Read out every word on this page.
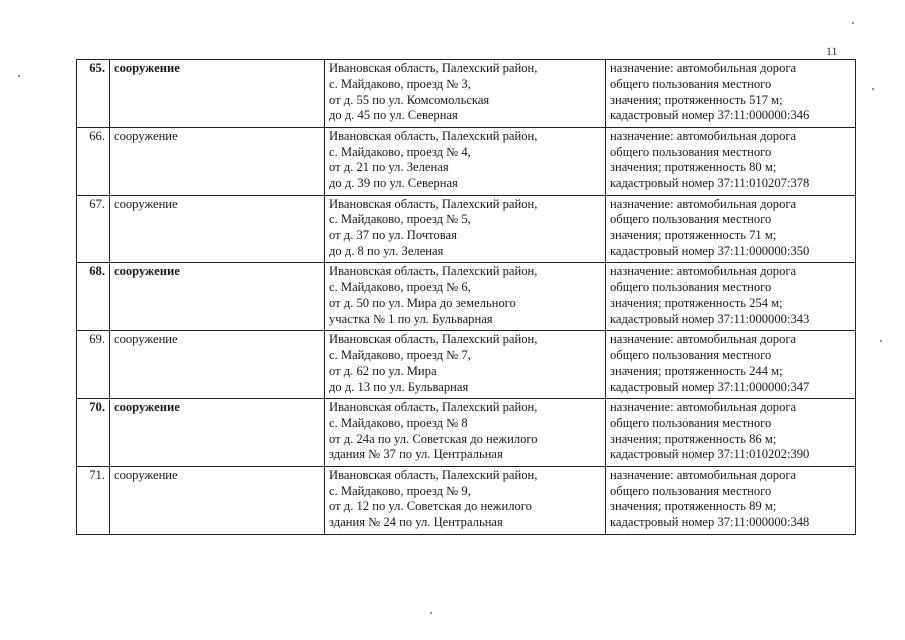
11
65.	сооружение	Ивановская область, Палехский район,
с. Майдаково, проезд № 3,
от д. 55 по ул. Комсомольская
до д. 45 по ул. Северная	назначение: автомобильная дорога
общего пользования местного
значения; протяженность 517 м;
кадастровый номер 37:11:000000:346
66.	сооружение	Ивановская область, Палехский район,
с. Майдаково, проезд № 4,
от д. 21 по ул. Зеленая
до д. 39 по ул. Северная	назначение: автомобильная дорога
общего пользования местного
значения; протяженность 80 м;
кадастровый номер 37:11:010207:378
67.	сооружение	Ивановская область, Палехский район,
с. Майдаково, проезд № 5,
от д. 37 по ул. Почтовая
до д. 8 по ул. Зеленая	назначение: автомобильная дорога
общего пользования местного
значения; протяженность 71 м;
кадастровый номер 37:11:000000:350
68.	сооружение	Ивановская область, Палехский район,
с. Майдаково, проезд № 6,
от д. 50 по ул. Мира до земельного
участка № 1 по ул. Бульварная	назначение: автомобильная дорога
общего пользования местного
значения; протяженность 254 м;
кадастровый номер 37:11:000000:343
69.	сооружение	Ивановская область, Палехский район,
с. Майдаково, проезд № 7,
от д. 62 по ул. Мира
до д. 13 по ул. Бульварная	назначение: автомобильная дорога
общего пользования местного
значения; протяженность 244 м;
кадастровый номер 37:11:000000:347
70.	сооружение	Ивановская область, Палехский район,
с. Майдаково, проезд № 8
от д. 24а по ул. Советская до нежилого
здания № 37 по ул. Центральная	назначение: автомобильная дорога
общего пользования местного
значения; протяженность 86 м;
кадастровый номер 37:11:010202:390
71.	сооружение	Ивановская область, Палехский район,
с. Майдаково, проезд № 9,
от д. 12 по ул. Советская до нежилого
здания № 24 по ул. Центральная	назначение: автомобильная дорога
общего пользования местного
значения; протяженность 89 м;
кадастровый номер 37:11:000000:348
